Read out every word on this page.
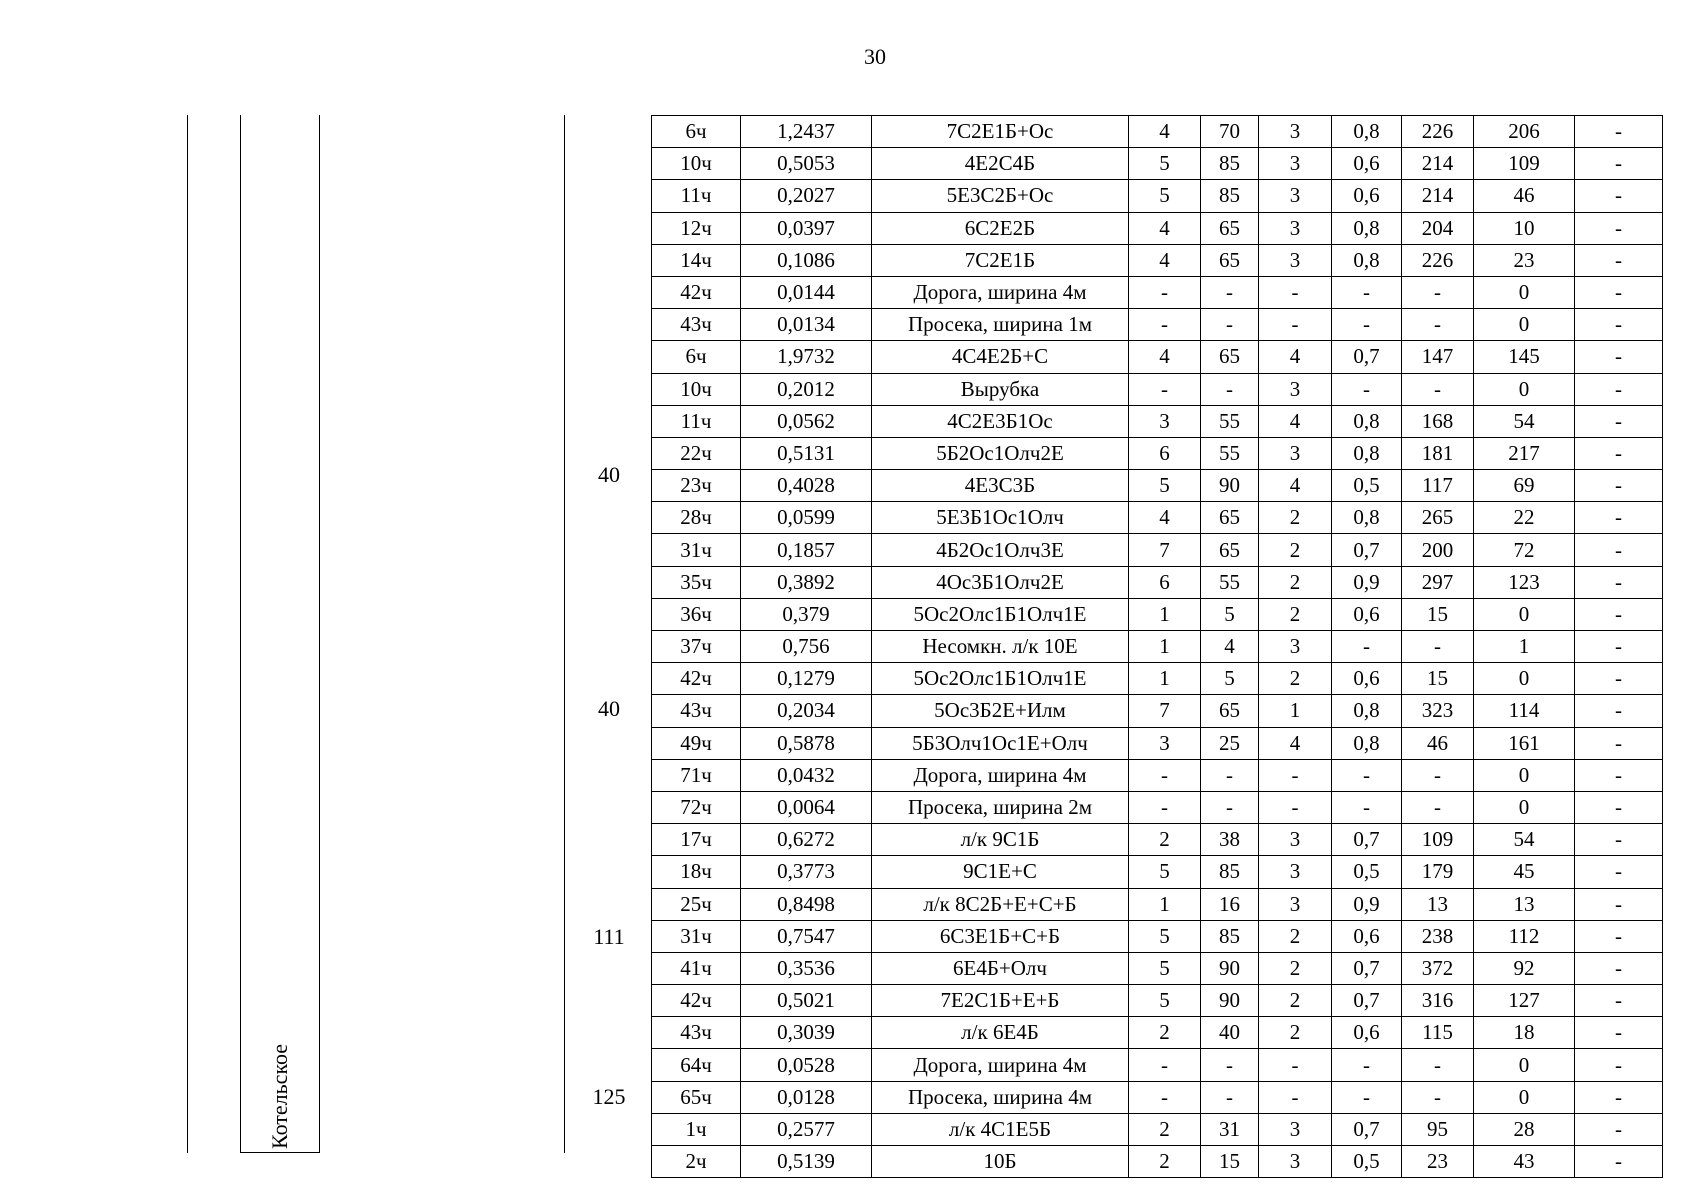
30
Котельское
40
40
111
125
6ч	1,2437	7С2Е1Б+Ос	4	70	3	0,8	226	206	-
10ч	0,5053	4Е2С4Б	5	85	3	0,6	214	109	-
11ч	0,2027	5Е3С2Б+Ос	5	85	3	0,6	214	46	-
12ч	0,0397	6С2Е2Б	4	65	3	0,8	204	10	-
14ч	0,1086	7С2Е1Б	4	65	3	0,8	226	23	-
42ч	0,0144	Дорога, ширина 4м	-	-	-	-	-	0	-
43ч	0,0134	Просека, ширина 1м	-	-	-	-	-	0	-
6ч	1,9732	4С4Е2Б+С	4	65	4	0,7	147	145	-
10ч	0,2012	Вырубка	-	-	3	-	-	0	-
11ч	0,0562	4С2Е3Б1Ос	3	55	4	0,8	168	54	-
22ч	0,5131	5Б2Ос1Олч2Е	6	55	3	0,8	181	217	-
23ч	0,4028	4Е3С3Б	5	90	4	0,5	117	69	-
28ч	0,0599	5Е3Б1Ос1Олч	4	65	2	0,8	265	22	-
31ч	0,1857	4Б2Ос1Олч3Е	7	65	2	0,7	200	72	-
35ч	0,3892	4Ос3Б1Олч2Е	6	55	2	0,9	297	123	-
36ч	0,379	5Ос2Олс1Б1Олч1Е	1	5	2	0,6	15	0	-
37ч	0,756	Несомкн. л/к 10Е	1	4	3	-	-	1	-
42ч	0,1279	5Ос2Олс1Б1Олч1Е	1	5	2	0,6	15	0	-
43ч	0,2034	5Ос3Б2Е+Илм	7	65	1	0,8	323	114	-
49ч	0,5878	5Б3Олч1Ос1Е+Олч	3	25	4	0,8	46	161	-
71ч	0,0432	Дорога, ширина 4м	-	-	-	-	-	0	-
72ч	0,0064	Просека, ширина 2м	-	-	-	-	-	0	-
17ч	0,6272	л/к 9С1Б	2	38	3	0,7	109	54	-
18ч	0,3773	9С1Е+С	5	85	3	0,5	179	45	-
25ч	0,8498	л/к 8С2Б+Е+С+Б	1	16	3	0,9	13	13	-
31ч	0,7547	6С3Е1Б+С+Б	5	85	2	0,6	238	112	-
41ч	0,3536	6Е4Б+Олч	5	90	2	0,7	372	92	-
42ч	0,5021	7Е2С1Б+Е+Б	5	90	2	0,7	316	127	-
43ч	0,3039	л/к 6Е4Б	2	40	2	0,6	115	18	-
64ч	0,0528	Дорога, ширина 4м	-	-	-	-	-	0	-
65ч	0,0128	Просека, ширина 4м	-	-	-	-	-	0	-
1ч	0,2577	л/к 4С1Е5Б	2	31	3	0,7	95	28	-
2ч	0,5139	10Б	2	15	3	0,5	23	43	-
